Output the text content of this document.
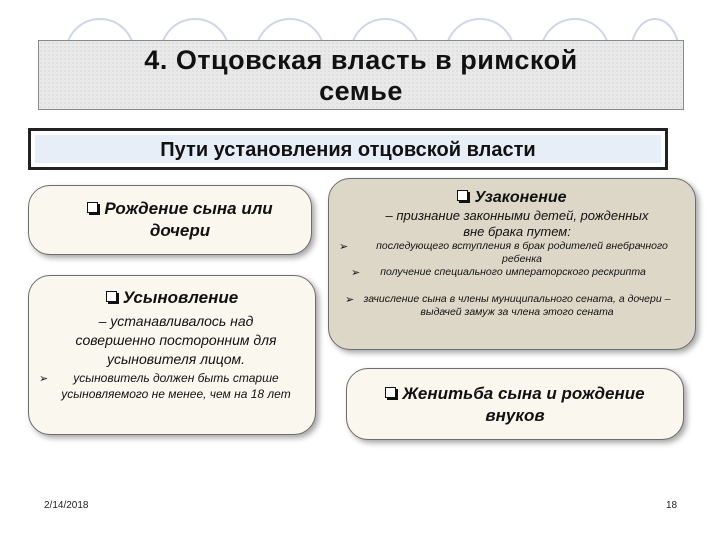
4. Отцовская власть в римской семье
Пути установления отцовской власти
Рождение сына или дочери
Усыновление
– устанавливалось над совершенно посторонним для усыновителя лицом.
➢	усыновитель должен быть старше усыновляемого не менее, чем на 18 лет
Узаконение
– признание законными детей, рожденных вне брака путем:
➢	последующего вступления в брак родителей внебрачного ребенка
➢	получение специального императорского рескрипта
➢ зачисление сына в члены муниципального сената, а дочери – выдачей замуж за члена этого сената
Женитьба сына и рождение внуков
2/14/2018	18
